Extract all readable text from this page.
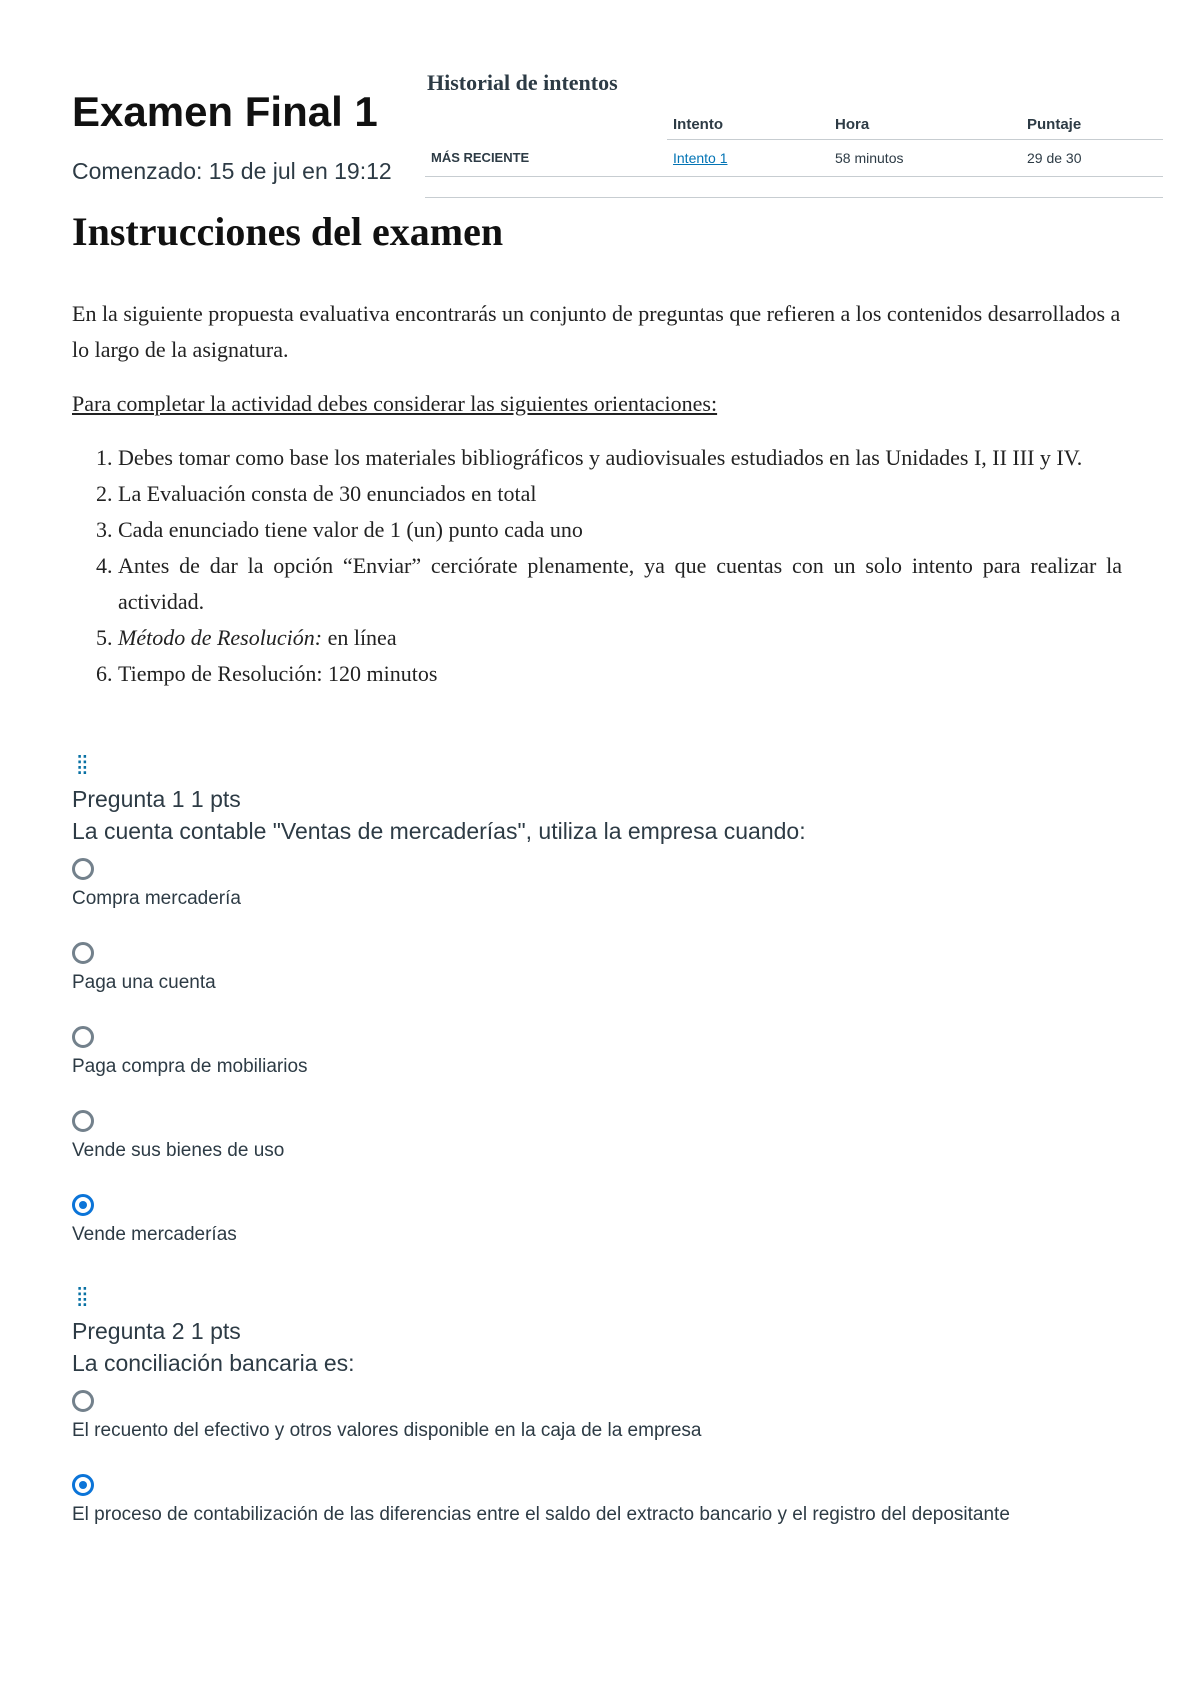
Examen Final 1
Comenzado: 15 de jul en 19:12
Historial de intentos
	Intento	Hora	Puntaje
MÁS RECIENTE	Intento 1	58 minutos	29 de 30
Instrucciones del examen

En la siguiente propuesta evaluativa encontrarás un conjunto de preguntas que refieren a los contenidos desarrollados a lo largo de la asignatura.

Para completar la actividad debes considerar las siguientes orientaciones:

1. Debes tomar como base los materiales bibliográficos y audiovisuales estudiados en las Unidades I, II III y IV.
2. La Evaluación consta de 30 enunciados en total
3. Cada enunciado tiene valor de 1 (un) punto cada uno
4. Antes de dar la opción “Enviar” cerciórate plenamente, ya que cuentas con un solo intento para realizar la actividad.
5. Método de Resolución: en línea
6. Tiempo de Resolución: 120 minutos
⁞⁞
Pregunta 1 1 pts
La cuenta contable "Ventas de mercaderías", utiliza la empresa cuando:
Compra mercadería
Paga una cuenta
Paga compra de mobiliarios
Vende sus bienes de uso
Vende mercaderías
⁞⁞
Pregunta 2 1 pts
La conciliación bancaria es:
El recuento del efectivo y otros valores disponible en la caja de la empresa
El proceso de contabilización de las diferencias entre el saldo del extracto bancario y el registro del depositante
